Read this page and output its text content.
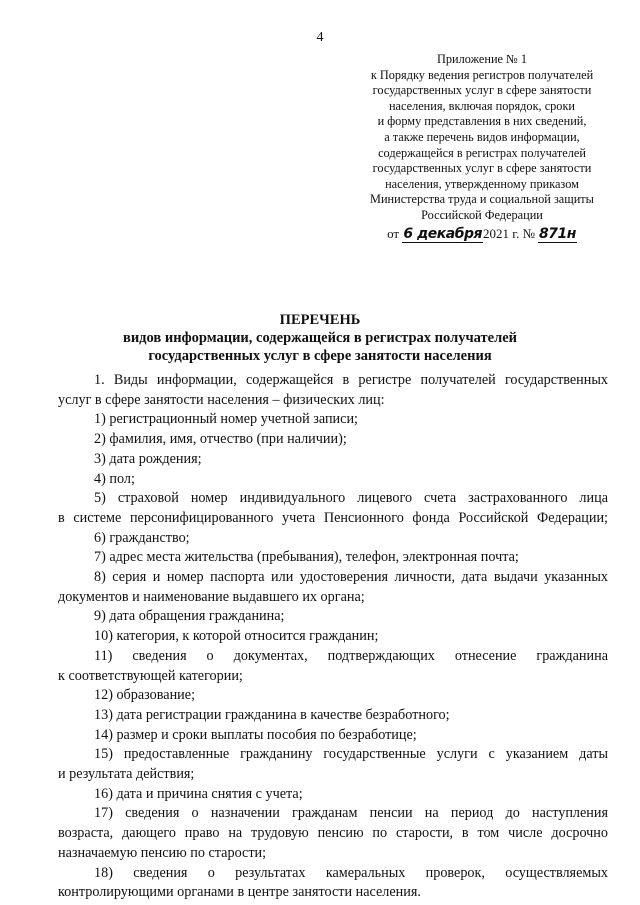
4
Приложение № 1
к Порядку ведения регистров получателей
государственных услуг в сфере занятости
населения, включая порядок, сроки
и форму представления в них сведений,
а также перечень видов информации,
содержащейся в регистрах получателей
государственных услуг в сфере занятости
населения, утвержденному приказом
Министерства труда и социальной защиты
Российской Федерации
от 6 декабря2021 г. № 871н
ПЕРЕЧЕНЬ
видов информации, содержащейся в регистрах получателей
государственных услуг в сфере занятости населения

1. Виды информации, содержащейся в регистре получателей государственных
услуг в сфере занятости населения – физических лиц:

1) регистрационный номер учетной записи;

2) фамилия, имя, отчество (при наличии);

3) дата рождения;

4) пол;

5) страховой номер индивидуального лицевого счета застрахованного лица
в системе персонифицированного учета Пенсионного фонда Российской Федерации;

6) гражданство;

7) адрес места жительства (пребывания), телефон, электронная почта;

8) серия и номер паспорта или удостоверения личности, дата выдачи указанных
документов и наименование выдавшего их органа;

9) дата обращения гражданина;

10) категория, к которой относится гражданин;

11) сведения о документах, подтверждающих отнесение гражданина
к соответствующей категории;

12) образование;

13) дата регистрации гражданина в качестве безработного;

14) размер и сроки выплаты пособия по безработице;

15) предоставленные гражданину государственные услуги с указанием даты
и результата действия;

16) дата и причина снятия с учета;

17) сведения о назначении гражданам пенсии на период до наступления
возраста, дающего право на трудовую пенсию по старости, в том числе досрочно
назначаемую пенсию по старости;

18) сведения о результатах камеральных проверок, осуществляемых
контролирующими органами в центре занятости населения.
